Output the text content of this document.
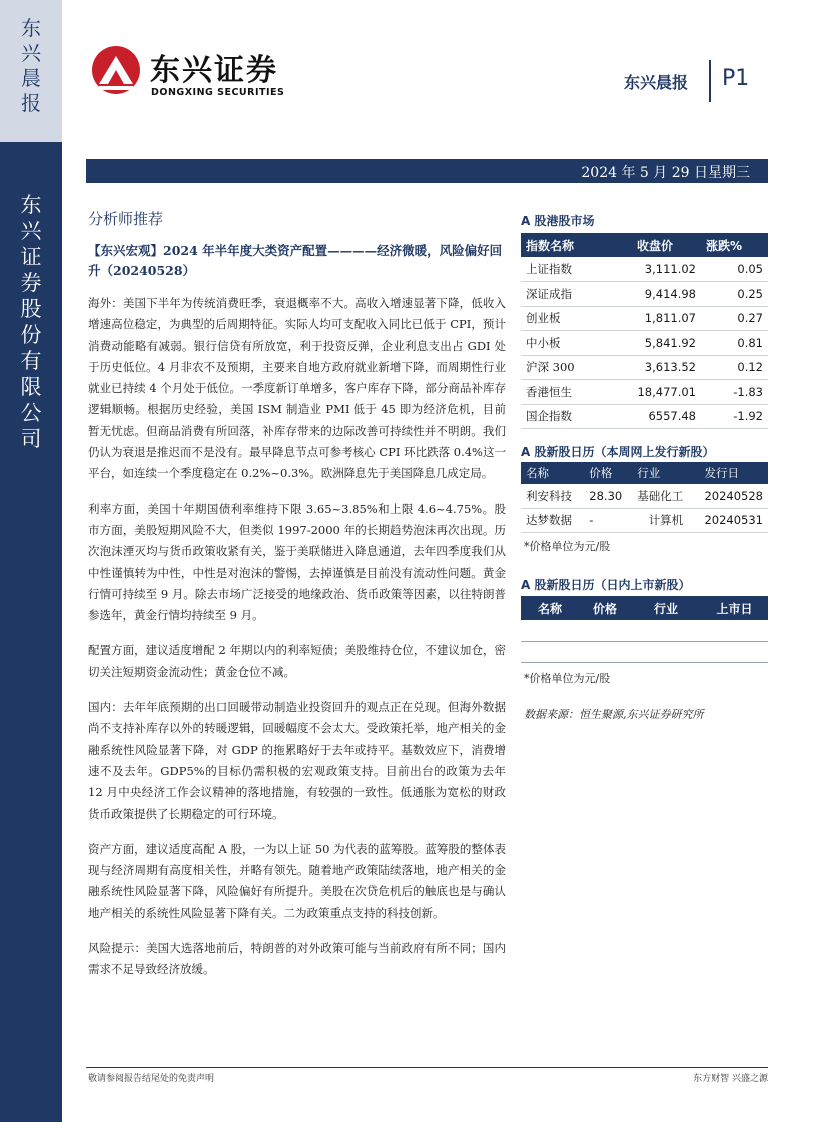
东兴晨报
东兴证券股份有限公司
东兴证券
DONGXING SECURITIES
东兴晨报 P1
2024 年 5 月 29 日星期三
分析师推荐
【东兴宏观】2024 年半年度大类资产配置————经济微暖，风险偏好回升（20240528）

海外：美国下半年为传统消费旺季，衰退概率不大。高收入增速显著下降，低收入增速高位稳定，为典型的后周期特征。实际人均可支配收入同比已低于 CPI，预计消费动能略有减弱。银行信贷有所放宽，利于投资反弹，企业利息支出占 GDI 处于历史低位。4 月非农不及预期，主要来自地方政府就业新增下降，而周期性行业就业已持续 4 个月处于低位。一季度新订单增多，客户库存下降，部分商品补库存逻辑顺畅。根据历史经验，美国 ISM 制造业 PMI 低于 45 即为经济危机，目前暂无忧虑。但商品消费有所回落，补库存带来的边际改善可持续性并不明朗。我们仍认为衰退是推迟而不是没有。最早降息节点可参考核心 CPI 环比跌落 0.4%这一平台，如连续一个季度稳定在 0.2%~0.3%。欧洲降息先于美国降息几成定局。

利率方面，美国十年期国债利率维持下限 3.65~3.85%和上限 4.6~4.75%。股市方面，美股短期风险不大，但类似 1997-2000 年的长期趋势泡沫再次出现。历次泡沫湮灭均与货币政策收紧有关，鉴于美联储进入降息通道，去年四季度我们从中性谨慎转为中性，中性是对泡沫的警惕，去掉谨慎是目前没有流动性问题。黄金行情可持续至 9 月。除去市场广泛接受的地缘政治、货币政策等因素，以往特朗普参选年，黄金行情均持续至 9 月。

配置方面，建议适度增配 2 年期以内的利率短债；美股维持仓位，不建议加仓，密切关注短期资金流动性；黄金仓位不减。

国内：去年年底预期的出口回暖带动制造业投资回升的观点正在兑现。但海外数据尚不支持补库存以外的转暖逻辑，回暖幅度不会太大。受政策托举，地产相关的金融系统性风险显著下降，对 GDP 的拖累略好于去年或持平。基数效应下，消费增速不及去年。GDP5%的目标仍需积极的宏观政策支持。目前出台的政策为去年 12 月中央经济工作会议精神的落地措施，有较强的一致性。低通胀为宽松的财政货币政策提供了长期稳定的可行环境。

资产方面，建议适度高配 A 股，一为以上证 50 为代表的蓝筹股。蓝筹股的整体表现与经济周期有高度相关性，并略有领先。随着地产政策陆续落地，地产相关的金融系统性风险显著下降，风险偏好有所提升。美股在次贷危机后的触底也是与确认地产相关的系统性风险显著下降有关。二为政策重点支持的科技创新。

风险提示：美国大选落地前后，特朗普的对外政策可能与当前政府有所不同；国内需求不足导致经济放缓。

A 股港股市场
指数名称	收盘价	涨跌%
上证指数	3,111.02	0.05
深证成指	9,414.98	0.25
创业板	1,811.07	0.27
中小板	5,841.92	0.81
沪深 300	3,613.52	0.12
香港恒生	18,477.01	-1.83
国企指数	6557.48	-1.92
A 股新股日历（本周网上发行新股）
名称	价格	行业	发行日
利安科技	28.30	基础化工	20240528
达梦数据	-	计算机	20240531
*价格单位为元/股
A 股新股日历（日内上市新股）
名称	价格	行业	上市日

*价格单位为元/股
数据来源：恒生聚源,东兴证券研究所
敬请参阅报告结尾处的免责声明	东方财智 兴盛之源
